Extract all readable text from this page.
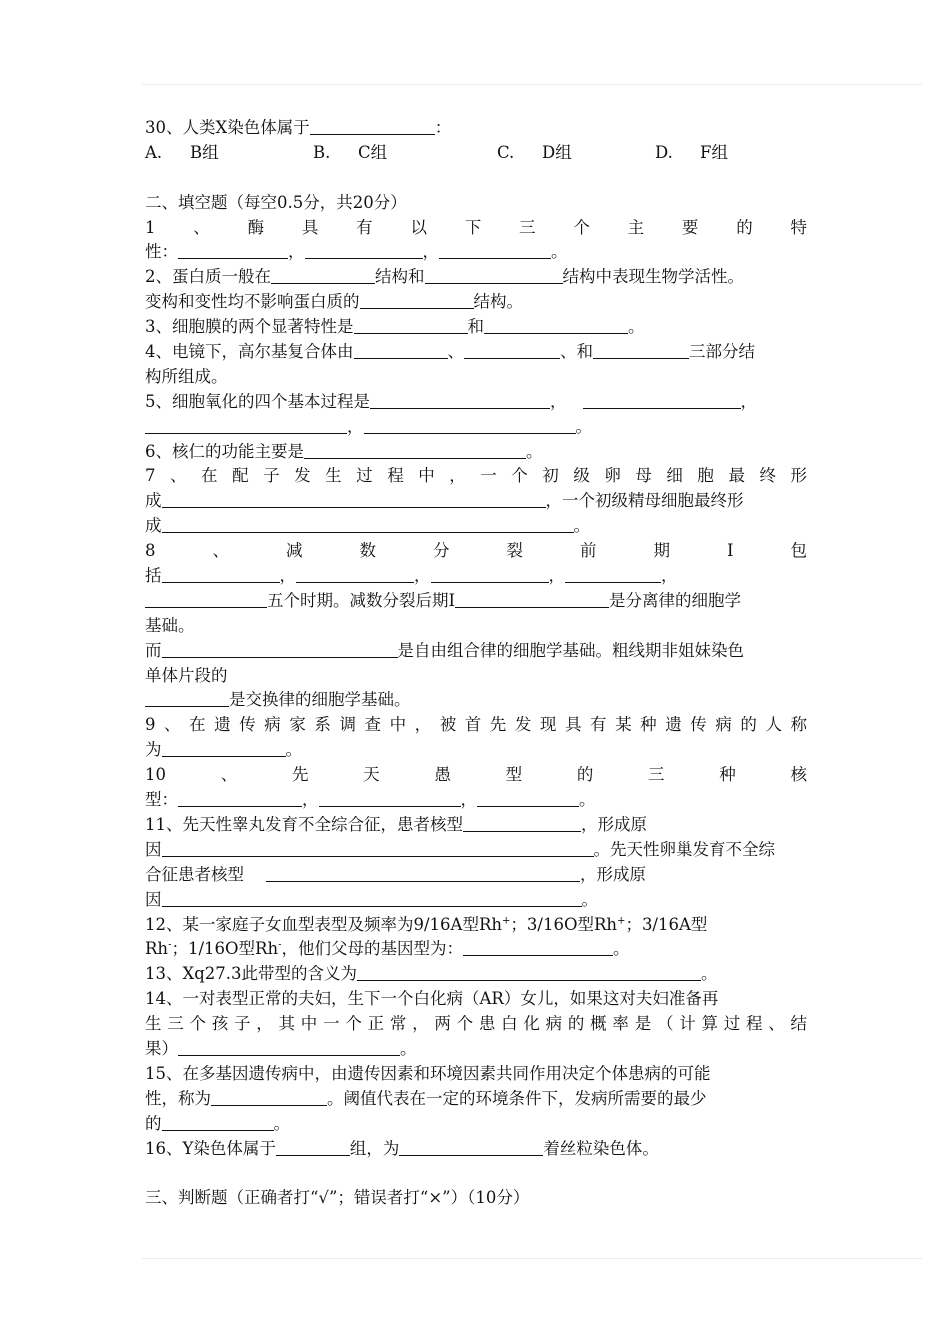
30、人类X染色体属于	：
A. B组	B. C组	C. D组	D. F组
二、填空题（每空0.5分，共20分）
1、酶具有以下三个主要的特
性：	，	，	。
2、蛋白质一般在	结构和	结构中表现生物学活性。
变构和变性均不影响蛋白质的	结构。
3、细胞膜的两个显著特性是	和	。
4、电镜下，高尔基复合体由	、	、和	三部分结
构所组成。
5、细胞氧化的四个基本过程是	，	，
，	。
6、核仁的功能主要是	。
7、在配子发生过程中，一个初级卵母细胞最终形
成	，一个初级精母细胞最终形
成	。
8、减数分裂前期Ⅰ包
括	，	，	，	，
五个时期。减数分裂后期Ⅰ	是分离律的细胞学
基础。
而	是自由组合律的细胞学基础。粗线期非姐妹染色
单体片段的
是交换律的细胞学基础。
9、在遗传病家系调查中，被首先发现具有某种遗传病的人称
为	。
10、先天愚型的三种核
型：	，	，	。
11、先天性睾丸发育不全综合征，患者核型	，形成原
因	。先天性卵巢发育不全综
合征患者核型	，形成原
因	。
12、某一家庭子女血型表型及频率为9/16A型Rh+；3/16O型Rh+；3/16A型
Rh-；1/16O型Rh-，他们父母的基因型为：	。
13、Xq27.3此带型的含义为	。
14、一对表型正常的夫妇，生下一个白化病（AR）女儿，如果这对夫妇准备再
生三个孩子，其中一个正常，两个患白化病的概率是（计算过程、结
果）	。
15、在多基因遗传病中，由遗传因素和环境因素共同作用决定个体患病的可能
性，称为	。阈值代表在一定的环境条件下，发病所需要的最少
的	。
16、Y染色体属于	组，为	着丝粒染色体。
三、判断题（正确者打“√”；错误者打“×”）（10分）
